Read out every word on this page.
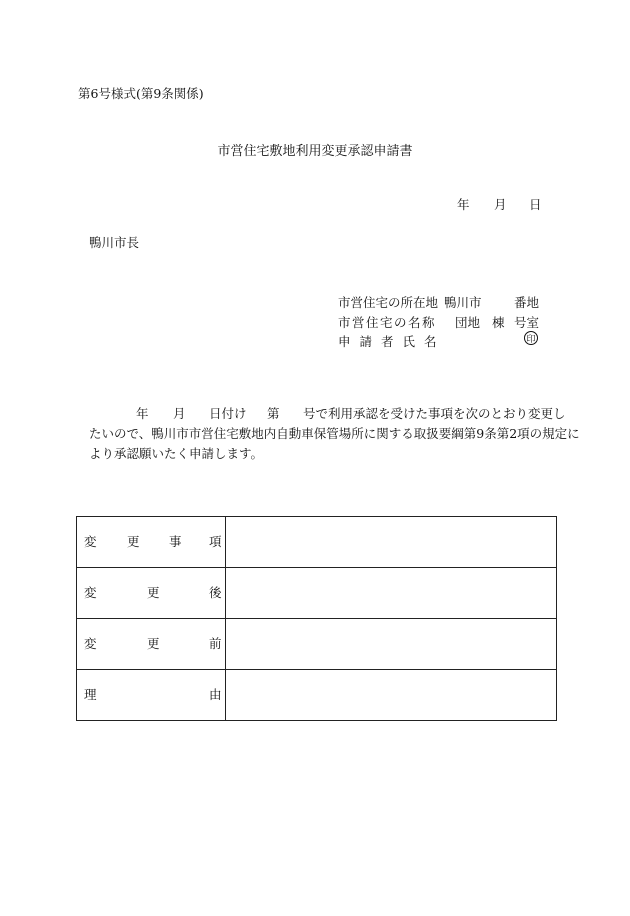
第6号様式(第9条関係)
市営住宅敷地利用変更承認申請書
年 月 日
鴨川市長
市営住宅の所在地 鴨川市	番地
市営住宅の名称 団地 棟 号室
申請者氏名	印
年 月 日付け 第 号で利用承認を受けた事項を次のとおり変更し
たいので、鴨川市市営住宅敷地内自動車保管場所に関する取扱要綱第9条第2項の規定に
より承認願いたく申請します。
変 更 事 項	

変 更 後	

変 更 前	

理 由	
